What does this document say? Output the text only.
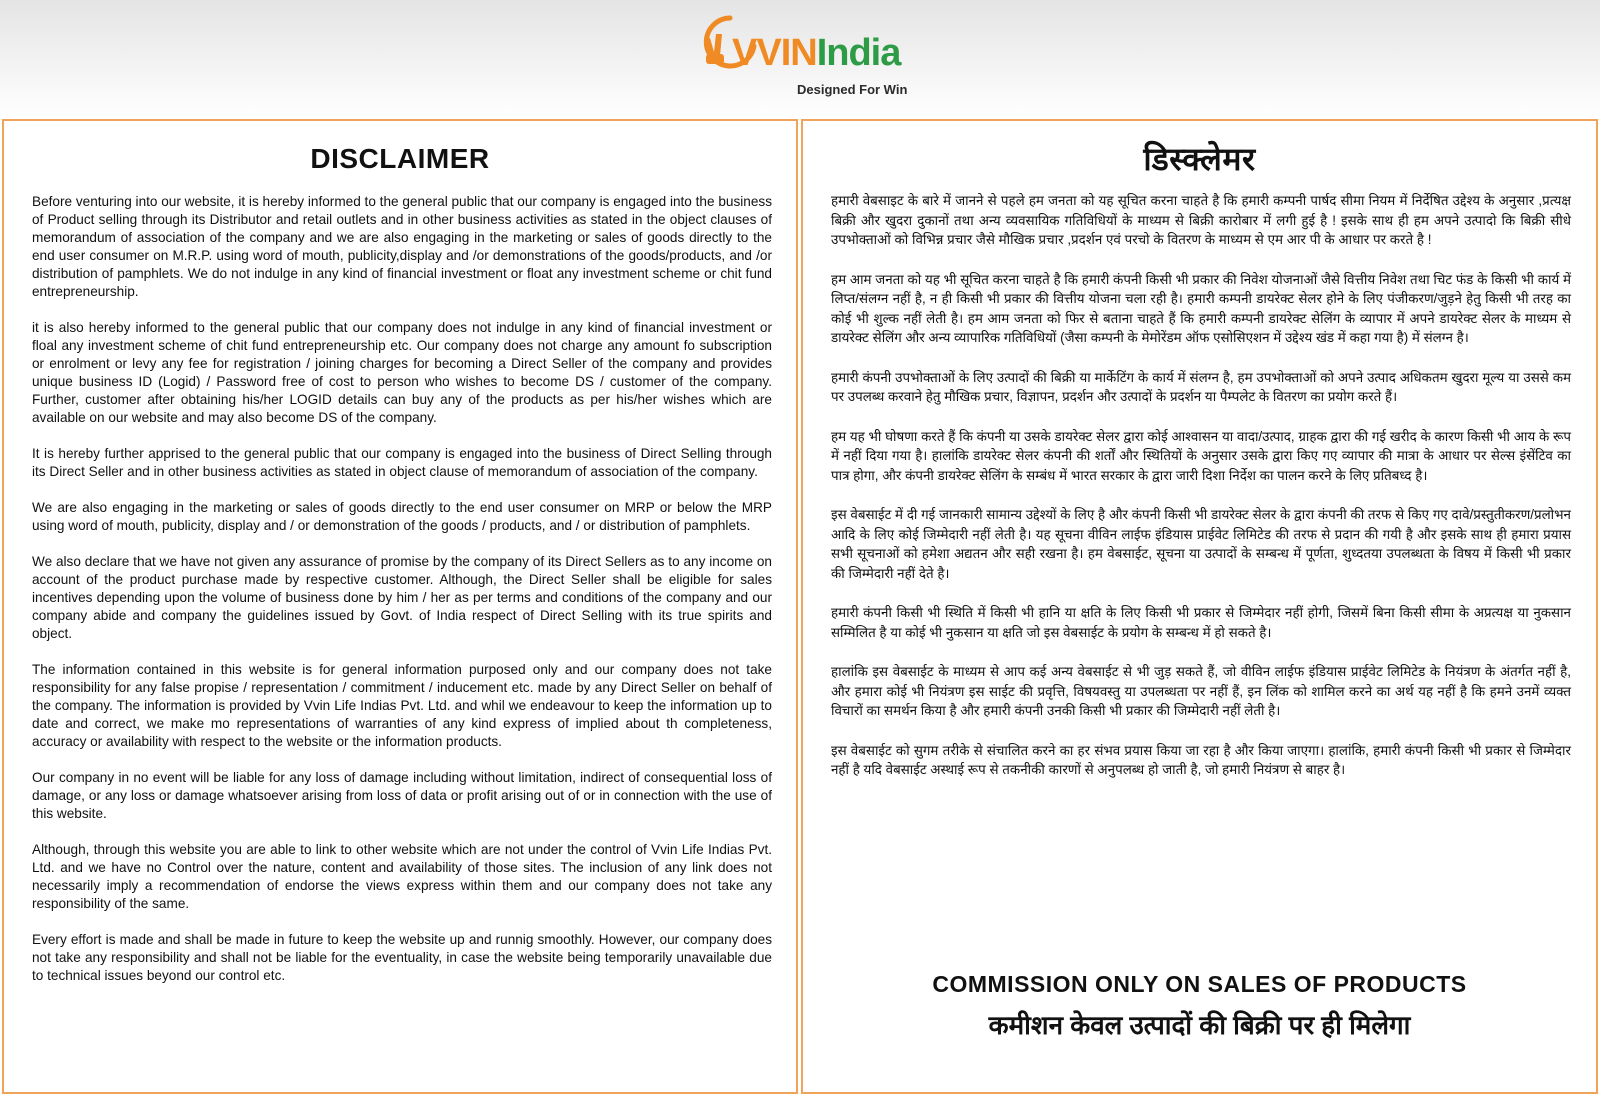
VVINIndia
Designed For Win
DISCLAIMER

Before venturing into our website, it is hereby informed to the general public that our company is engaged into the business of Product selling through its Distributor and retail outlets and in other business activities as stated in the object clauses of memorandum of association of the company and we are also engaging in the marketing or sales of goods directly to the end user consumer on M.R.P. using word of mouth, publicity,display and /or demonstrations of the goods/products, and /or distribution of pamphlets. We do not indulge in any kind of financial investment or float any investment scheme or chit fund entrepreneurship.

it is also hereby informed to the general public that our company does not indulge in any kind of financial investment or floal any investment scheme of chit fund entrepreneurship etc. Our company does not charge any amount fo subscription or enrolment or levy any fee for registration / joining charges for becoming a Direct Seller of the company and provides unique business ID (Logid) / Password free of cost to person who wishes to become DS / customer of the company. Further, customer after obtaining his/her LOGID details can buy any of the products as per his/her wishes which are available on our website and may also become DS of the company.

It is hereby further apprised to the general public that our company is engaged into the business of Direct Selling through its Direct Seller and in other business activities as stated in object clause of memorandum of association of the company.

We are also engaging in the marketing or sales of goods directly to the end user consumer on MRP or below the MRP using word of mouth, publicity, display and / or demonstration of the goods / products, and / or distribution of pamphlets.

We also declare that we have not given any assurance of promise by the company of its Direct Sellers as to any income on account of the product purchase made by respective customer. Although, the Direct Seller shall be eligible for sales incentives depending upon the volume of business done by him / her as per terms and conditions of the company and our company abide and company the guidelines issued by Govt. of India respect of Direct Selling with its true spirits and object.

The information contained in this website is for general information purposed only and our company does not take responsibility for any false propise / representation / commitment / inducement etc. made by any Direct Seller on behalf of the company. The information is provided by Vvin Life Indias Pvt. Ltd. and whil we endeavour to keep the information up to date and correct, we make mo representations of warranties of any kind express of implied about th completeness, accuracy or availability with respect to the website or the information products.

Our company in no event will be liable for any loss of damage including without limitation, indirect of consequential loss of damage, or any loss or damage whatsoever arising from loss of data or profit arising out of or in connection with the use of this website.

Although, through this website you are able to link to other website which are not under the control of Vvin Life Indias Pvt. Ltd. and we have no Control over the nature, content and availability of those sites. The inclusion of any link does not necessarily imply a recommendation of endorse the views express within them and our company does not take any responsibility of the same.

Every effort is made and shall be made in future to keep the website up and runnig smoothly. However, our company does not take any responsibility and shall not be liable for the eventuality, in case the website being temporarily unavailable due to technical issues beyond our control etc.

डिस्क्लेमर

हमारी वेबसाइट के बारे में जानने से पहले हम जनता को यह सूचित करना चाहते है कि हमारी कम्पनी पार्षद सीमा नियम में निर्देषित उद्देश्य के अनुसार ,प्रत्यक्ष बिक्री और खुदरा दुकानों तथा अन्य व्यवसायिक गतिविधियों के माध्यम से बिक्री कारोबार में लगी हुई है ! इसके साथ ही हम अपने उत्पादो कि बिक्री सीधे उपभोक्ताओं को विभिन्न प्रचार जैसे मौखिक प्रचार ,प्रदर्शन एवं परचो के वितरण के माध्यम से एम आर पी के आधार पर करते है !

हम आम जनता को यह भी सूचित करना चाहते है कि हमारी कंपनी किसी भी प्रकार की निवेश योजनाओं जैसे वित्तीय निवेश तथा चिट फंड के किसी भी कार्य में लिप्त/संलग्न नहीं है, न ही किसी भी प्रकार की वित्तीय योजना चला रही है। हमारी कम्पनी डायरेक्ट सेलर होने के लिए पंजीकरण/जुड़ने हेतु किसी भी तरह का कोई भी शुल्क नहीं लेती है। हम आम जनता को फिर से बताना चाहते हैं कि हमारी कम्पनी डायरेक्ट सेलिंग के व्यापार में अपने डायरेक्ट सेलर के माध्यम से डायरेक्ट सेलिंग और अन्य व्यापारिक गतिविधियों (जैसा कम्पनी के मेमोरेंडम ऑफ एसोसिएशन में उद्देश्य खंड में कहा गया है) में संलग्न है।

हमारी कंपनी उपभोक्ताओं के लिए उत्पादों की बिक्री या मार्केटिंग के कार्य में संलग्न है, हम उपभोक्ताओं को अपने उत्पाद अधिकतम खुदरा मूल्य या उससे कम पर उपलब्ध करवाने हेतु मौखिक प्रचार, विज्ञापन, प्रदर्शन और उत्पादों के प्रदर्शन या पैम्पलेट के वितरण का प्रयोग करते हैं।

हम यह भी घोषणा करते हैं कि कंपनी या उसके डायरेक्ट सेलर द्वारा कोई आश्वासन या वादा/उत्पाद, ग्राहक द्वारा की गई खरीद के कारण किसी भी आय के रूप में नहीं दिया गया है। हालांकि डायरेक्ट सेलर कंपनी की शर्तों और स्थितियों के अनुसार उसके द्वारा किए गए व्यापार की मात्रा के आधार पर सेल्स इंसेंटिव का पात्र होगा, और कंपनी डायरेक्ट सेलिंग के सम्बंध में भारत सरकार के द्वारा जारी दिशा निर्देश का पालन करने के लिए प्रतिबध्द है।

इस वेबसाईट में दी गई जानकारी सामान्य उद्देश्यों के लिए है और कंपनी किसी भी डायरेक्ट सेलर के द्वारा कंपनी की तरफ से किए गए दावे/प्रस्तुतीकरण/प्रलोभन आदि के लिए कोई जिम्मेदारी नहीं लेती है। यह सूचना वीविन लाईफ इंडियास प्राईवेट लिमिटेड की तरफ से प्रदान की गयी है और इसके साथ ही हमारा प्रयास सभी सूचनाओं को हमेशा अद्यतन और सही रखना है। हम वेबसाईट, सूचना या उत्पादों के सम्बन्ध में पूर्णता, शुध्दतया उपलब्धता के विषय में किसी भी प्रकार की जिम्मेदारी नहीं देते है।

हमारी कंपनी किसी भी स्थिति में किसी भी हानि या क्षति के लिए किसी भी प्रकार से जिम्मेदार नहीं होगी, जिसमें बिना किसी सीमा के अप्रत्यक्ष या नुकसान सम्मिलित है या कोई भी नुकसान या क्षति जो इस वेबसाईट के प्रयोग के सम्बन्ध में हो सकते है।

हालांकि इस वेबसाईट के माध्यम से आप कई अन्य वेबसाईट से भी जुड़ सकते हैं, जो वीविन लाईफ इंडियास प्राईवेट लिमिटेड के नियंत्रण के अंतर्गत नहीं है, और हमारा कोई भी नियंत्रण इस साईट की प्रवृत्ति, विषयवस्तु या उपलब्धता पर नहीं हैं, इन लिंक को शामिल करने का अर्थ यह नहीं है कि हमने उनमें व्यक्त विचारों का समर्थन किया है और हमारी कंपनी उनकी किसी भी प्रकार की जिम्मेदारी नहीं लेती है।

इस वेबसाईट को सुगम तरीके से संचालित करने का हर संभव प्रयास किया जा रहा है और किया जाएगा। हालांकि, हमारी कंपनी किसी भी प्रकार से जिम्मेदार नहीं है यदि वेबसाईट अस्थाई रूप से तकनीकी कारणों से अनुपलब्ध हो जाती है, जो हमारी नियंत्रण से बाहर है।

COMMISSION ONLY ON SALES OF PRODUCTS
कमीशन केवल उत्पादों की बिक्री पर ही मिलेगा
